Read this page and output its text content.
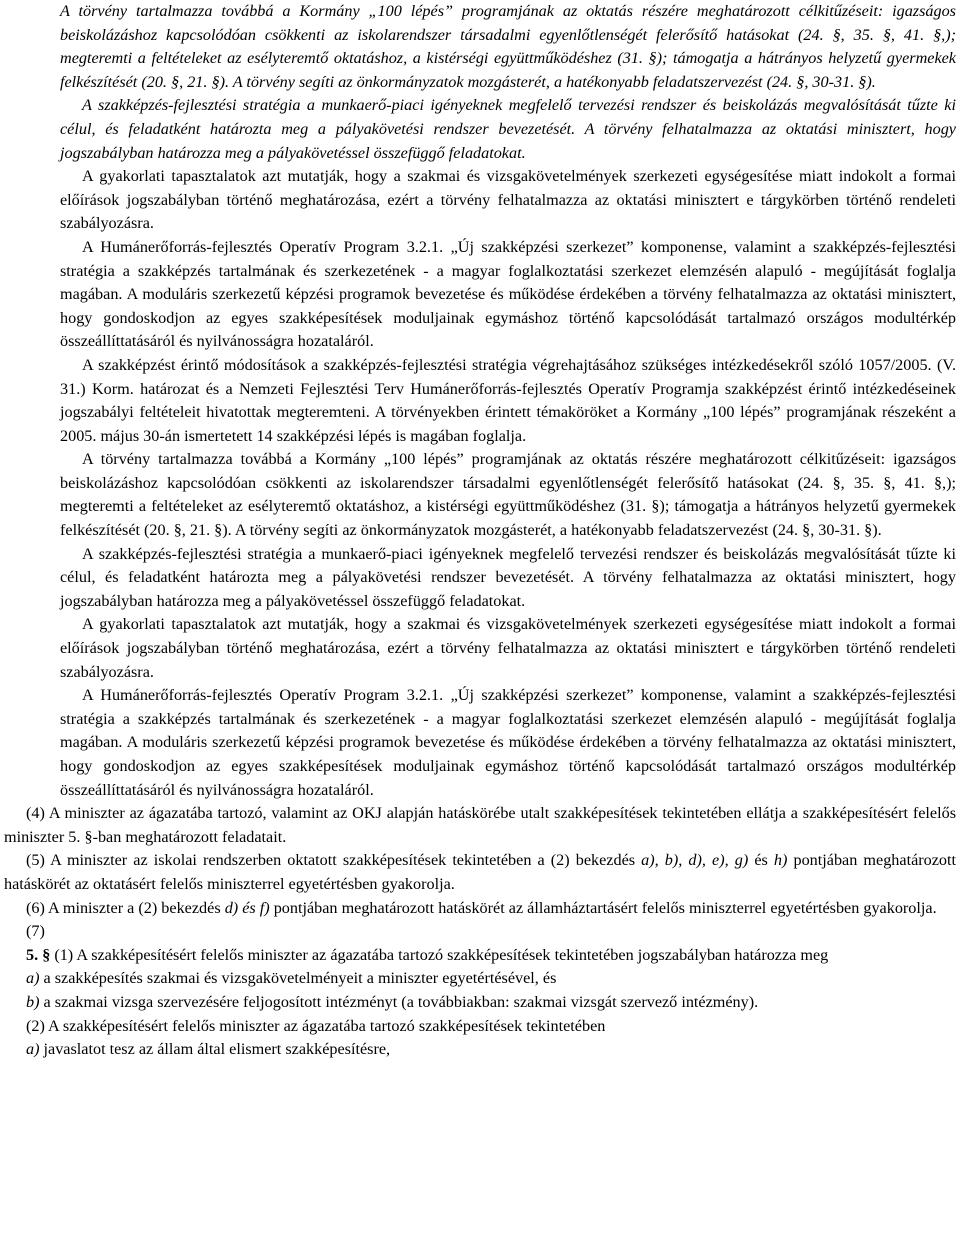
A törvény tartalmazza továbbá a Kormány „100 lépés” programjának az oktatás részére meghatározott célkitűzéseit: igazságos beiskolázáshoz kapcsolódóan csökkenti az iskolarendszer társadalmi egyenlőtlenségét felerősítő hatásokat (24. §, 35. §, 41. §,); megteremti a feltételeket az esélyteremtő oktatáshoz, a kistérségi együttműködéshez (31. §); támogatja a hátrányos helyzetű gyermekek felkészítését (20. §, 21. §). A törvény segíti az önkormányzatok mozgásterét, a hatékonyabb feladatszervezést (24. §, 30-31. §).

A szakképzés-fejlesztési stratégia a munkaerő-piaci igényeknek megfelelő tervezési rendszer és beiskolázás megvalósítását tűzte ki célul, és feladatként határozta meg a pályakövetési rendszer bevezetését. A törvény felhatalmazza az oktatási minisztert, hogy jogszabályban határozza meg a pályakövetéssel összefüggő feladatokat.

A gyakorlati tapasztalatok azt mutatják, hogy a szakmai és vizsgakövetelmények szerkezeti egységesítése miatt indokolt a formai előírások jogszabályban történő meghatározása, ezért a törvény felhatalmazza az oktatási minisztert e tárgykörben történő rendeleti szabályozásra.

A Humánerőforrás-fejlesztés Operatív Program 3.2.1. „Új szakképzési szerkezet” komponense, valamint a szakképzés-fejlesztési stratégia a szakképzés tartalmának és szerkezetének - a magyar foglalkoztatási szerkezet elemzésén alapuló - megújítását foglalja magában. A moduláris szerkezetű képzési programok bevezetése és működése érdekében a törvény felhatalmazza az oktatási minisztert, hogy gondoskodjon az egyes szakképesítések moduljainak egymáshoz történő kapcsolódását tartalmazó országos modultérkép összeállíttatásáról és nyilvánosságra hozataláról.

A szakképzést érintő módosítások a szakképzés-fejlesztési stratégia végrehajtásához szükséges intézkedésekről szóló 1057/2005. (V. 31.) Korm. határozat és a Nemzeti Fejlesztési Terv Humánerőforrás-fejlesztés Operatív Programja szakképzést érintő intézkedéseinek jogszabályi feltételeit hivatottak megteremteni. A törvényekben érintett témaköröket a Kormány „100 lépés” programjának részeként a 2005. május 30-án ismertetett 14 szakképzési lépés is magában foglalja.

A törvény tartalmazza továbbá a Kormány „100 lépés” programjának az oktatás részére meghatározott célkitűzéseit: igazságos beiskolázáshoz kapcsolódóan csökkenti az iskolarendszer társadalmi egyenlőtlenségét felerősítő hatásokat (24. §, 35. §, 41. §,); megteremti a feltételeket az esélyteremtő oktatáshoz, a kistérségi együttműködéshez (31. §); támogatja a hátrányos helyzetű gyermekek felkészítését (20. §, 21. §). A törvény segíti az önkormányzatok mozgásterét, a hatékonyabb feladatszervezést (24. §, 30-31. §).

A szakképzés-fejlesztési stratégia a munkaerő-piaci igényeknek megfelelő tervezési rendszer és beiskolázás megvalósítását tűzte ki célul, és feladatként határozta meg a pályakövetési rendszer bevezetését. A törvény felhatalmazza az oktatási minisztert, hogy jogszabályban határozza meg a pályakövetéssel összefüggő feladatokat.

A gyakorlati tapasztalatok azt mutatják, hogy a szakmai és vizsgakövetelmények szerkezeti egységesítése miatt indokolt a formai előírások jogszabályban történő meghatározása, ezért a törvény felhatalmazza az oktatási minisztert e tárgykörben történő rendeleti szabályozásra.

A Humánerőforrás-fejlesztés Operatív Program 3.2.1. „Új szakképzési szerkezet” komponense, valamint a szakképzés-fejlesztési stratégia a szakképzés tartalmának és szerkezetének - a magyar foglalkoztatási szerkezet elemzésén alapuló - megújítását foglalja magában. A moduláris szerkezetű képzési programok bevezetése és működése érdekében a törvény felhatalmazza az oktatási minisztert, hogy gondoskodjon az egyes szakképesítések moduljainak egymáshoz történő kapcsolódását tartalmazó országos modultérkép összeállíttatásáról és nyilvánosságra hozataláról.

(4) A miniszter az ágazatába tartozó, valamint az OKJ alapján hatáskörébe utalt szakképesítések tekintetében ellátja a szakképesítésért felelős miniszter 5. §-ban meghatározott feladatait.

(5) A miniszter az iskolai rendszerben oktatott szakképesítések tekintetében a (2) bekezdés a), b), d), e), g) és h) pontjában meghatározott hatáskörét az oktatásért felelős miniszterrel egyetértésben gyakorolja.

(6) A miniszter a (2) bekezdés d) és f) pontjában meghatározott hatáskörét az államháztartásért felelős miniszterrel egyetértésben gyakorolja.

(7)

5. § (1) A szakképesítésért felelős miniszter az ágazatába tartozó szakképesítések tekintetében jogszabályban határozza meg

a) a szakképesítés szakmai és vizsgakövetelményeit a miniszter egyetértésével, és

b) a szakmai vizsga szervezésére feljogosított intézményt (a továbbiakban: szakmai vizsgát szervező intézmény).

(2) A szakképesítésért felelős miniszter az ágazatába tartozó szakképesítések tekintetében

a) javaslatot tesz az állam által elismert szakképesítésre,
